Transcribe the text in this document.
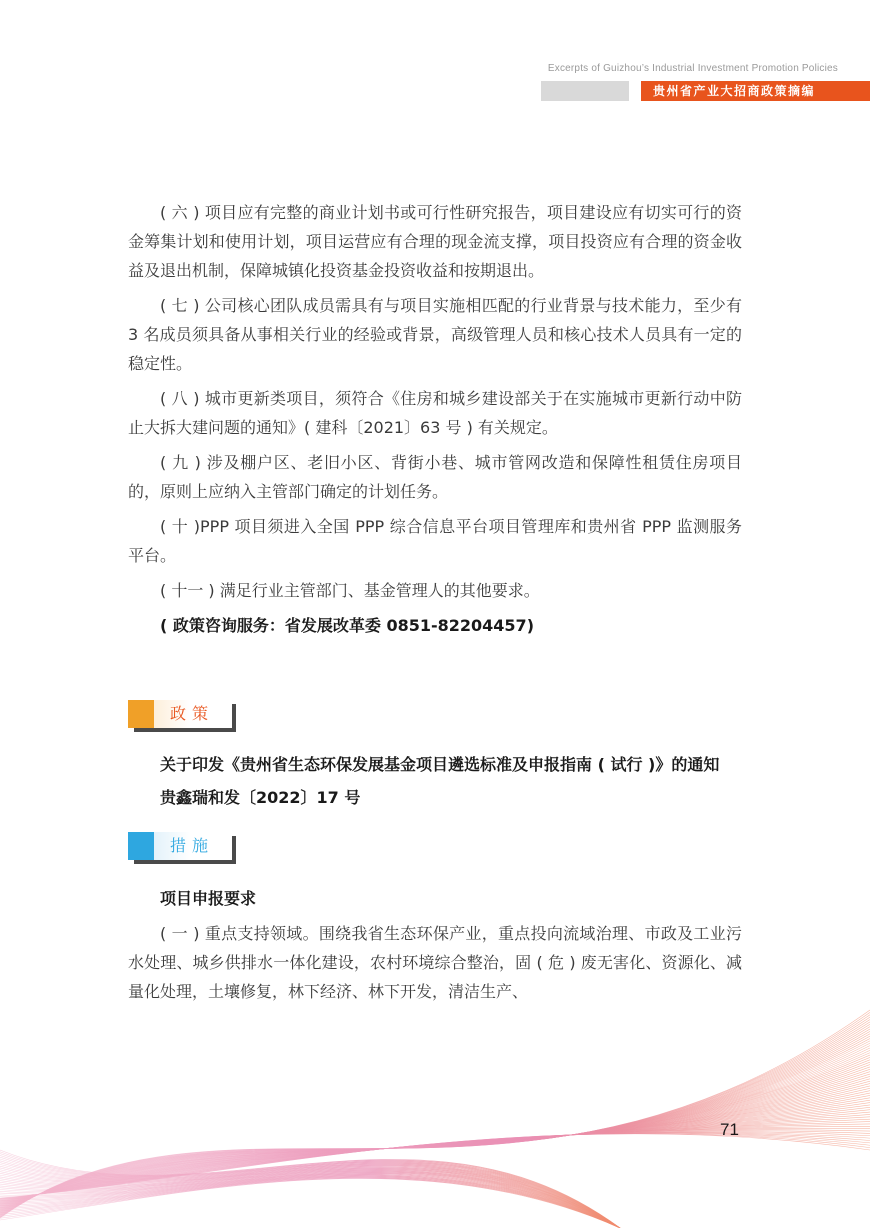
Excerpts of Guizhou’s Industrial Investment Promotion Policies
贵州省产业大招商政策摘编

( 六 ) 项目应有完整的商业计划书或可行性研究报告，项目建设应有切实可行的资金筹集计划和使用计划，项目运营应有合理的现金流支撑，项目投资应有合理的资金收益及退出机制，保障城镇化投资基金投资收益和按期退出。

( 七 ) 公司核心团队成员需具有与项目实施相匹配的行业背景与技术能力，至少有 3 名成员须具备从事相关行业的经验或背景，高级管理人员和核心技术人员具有一定的稳定性。

( 八 ) 城市更新类项目，须符合《住房和城乡建设部关于在实施城市更新行动中防止大拆大建问题的通知》( 建科〔2021〕63 号 ) 有关规定。

( 九 ) 涉及棚户区、老旧小区、背街小巷、城市管网改造和保障性租赁住房项目的，原则上应纳入主管部门确定的计划任务。

( 十 )PPP 项目须进入全国 PPP 综合信息平台项目管理库和贵州省 PPP 监测服务平台。

( 十一 ) 满足行业主管部门、基金管理人的其他要求。

( 政策咨询服务：省发展改革委 0851-82204457)

政策

关于印发《贵州省生态环保发展基金项目遴选标准及申报指南 ( 试行 )》的通知

贵鑫瑞和发〔2022〕17 号

措施

项目申报要求

( 一 ) 重点支持领域。围绕我省生态环保产业，重点投向流域治理、市政及工业污水处理、城乡供排水一体化建设，农村环境综合整治，固 ( 危 ) 废无害化、资源化、减量化处理，土壤修复，林下经济、林下开发，清洁生产、

71
